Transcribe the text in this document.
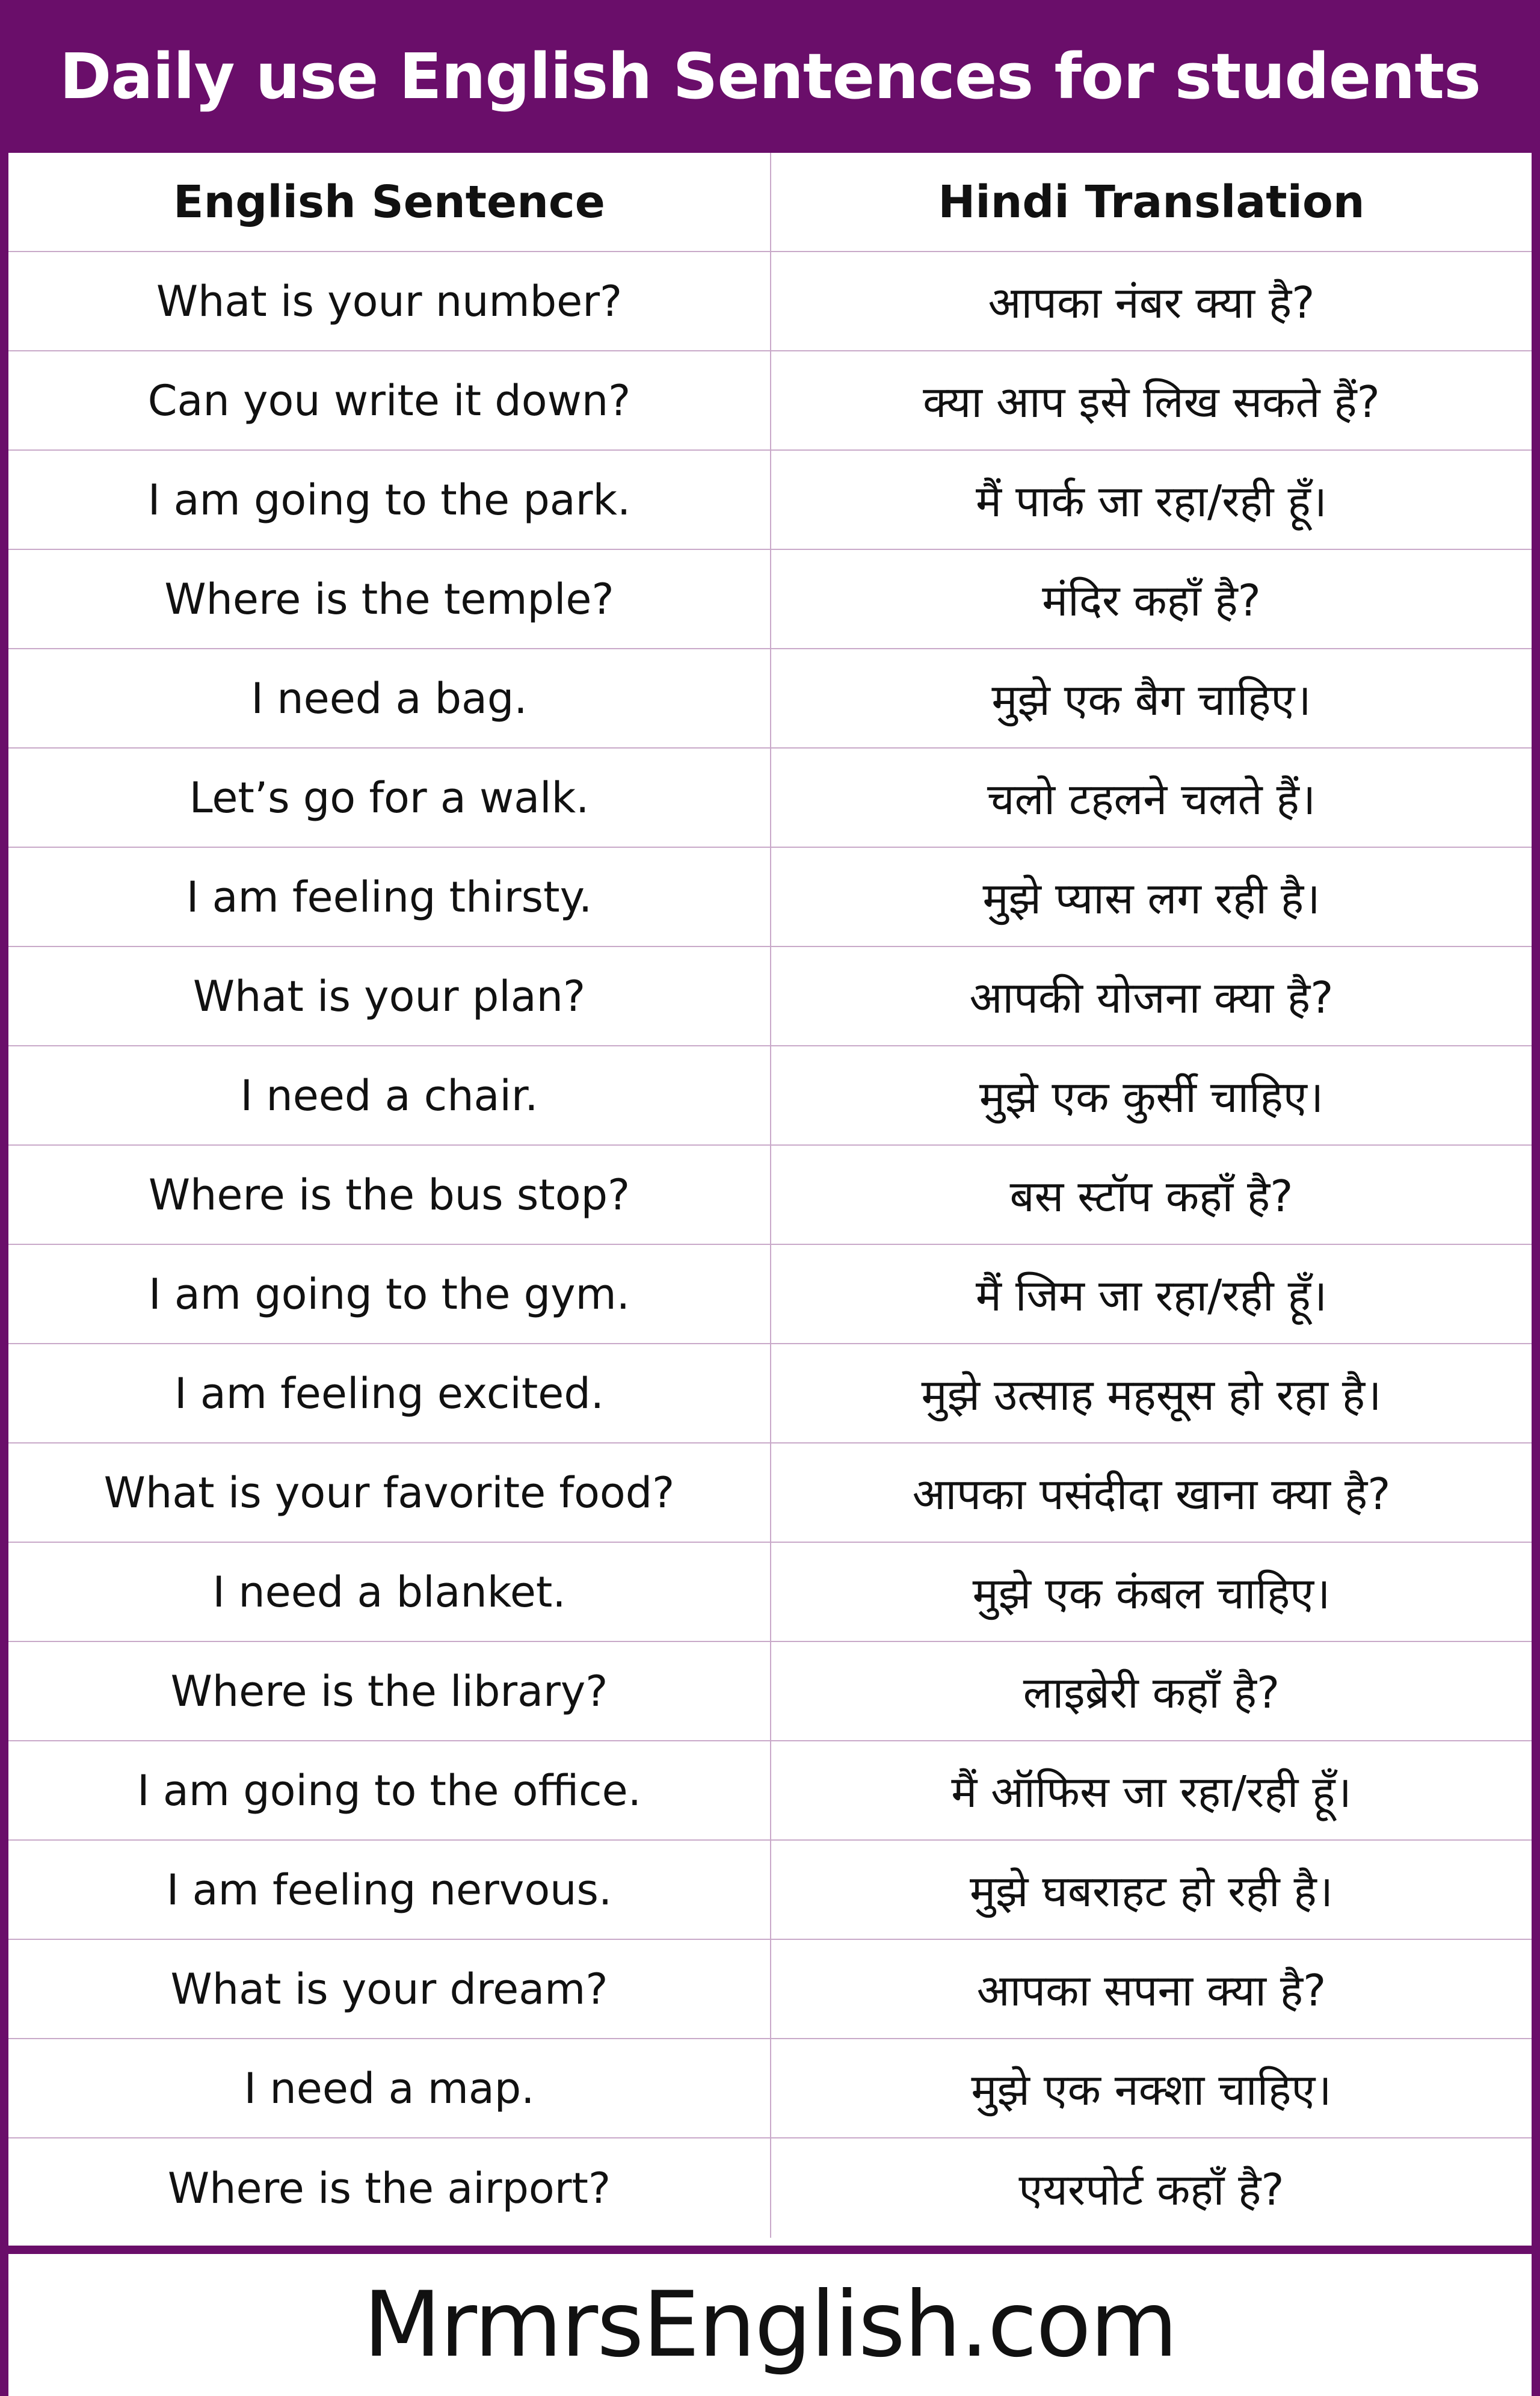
Daily use English Sentences for students
English Sentence	Hindi Translation
What is your number?	आपका नंबर क्या है?
Can you write it down?	क्या आप इसे लिख सकते हैं?
I am going to the park.	मैं पार्क जा रहा/रही हूँ।
Where is the temple?	मंदिर कहाँ है?
I need a bag.	मुझे एक बैग चाहिए।
Let’s go for a walk.	चलो टहलने चलते हैं।
I am feeling thirsty.	मुझे प्यास लग रही है।
What is your plan?	आपकी योजना क्या है?
I need a chair.	मुझे एक कुर्सी चाहिए।
Where is the bus stop?	बस स्टॉप कहाँ है?
I am going to the gym.	मैं जिम जा रहा/रही हूँ।
I am feeling excited.	मुझे उत्साह महसूस हो रहा है।
What is your favorite food?	आपका पसंदीदा खाना क्या है?
I need a blanket.	मुझे एक कंबल चाहिए।
Where is the library?	लाइब्रेरी कहाँ है?
I am going to the office.	मैं ऑफिस जा रहा/रही हूँ।
I am feeling nervous.	मुझे घबराहट हो रही है।
What is your dream?	आपका सपना क्या है?
I need a map.	मुझे एक नक्शा चाहिए।
Where is the airport?	एयरपोर्ट कहाँ है?
MrmrsEnglish.com
